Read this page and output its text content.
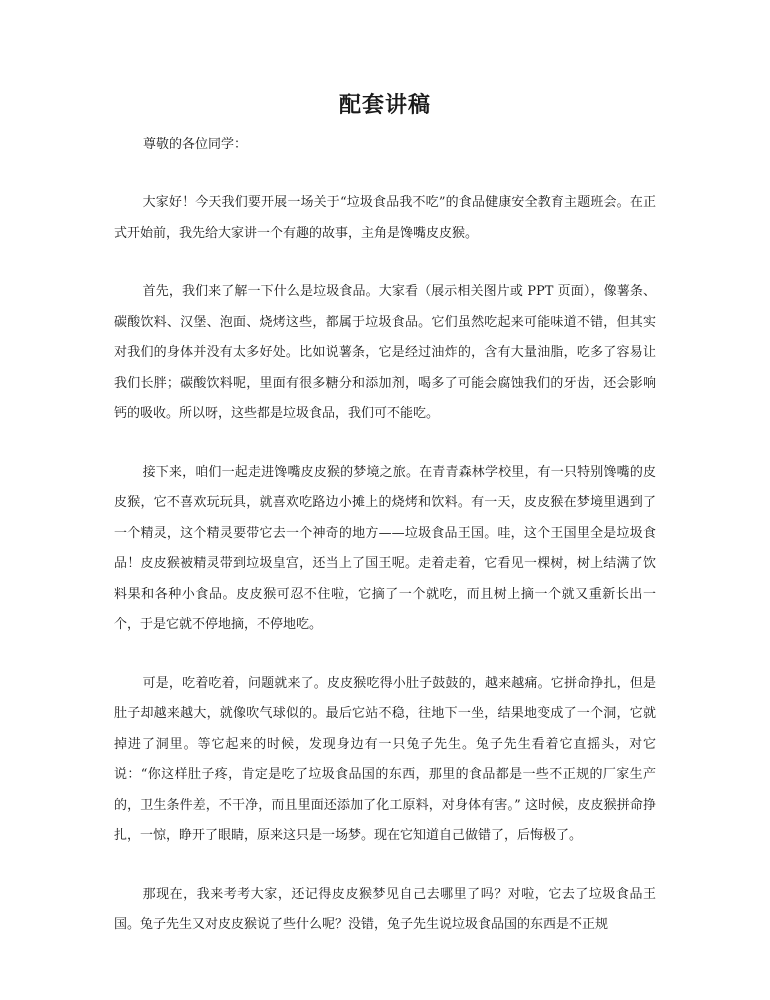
配套讲稿

尊敬的各位同学：

大家好！今天我们要开展一场关于“垃圾食品我不吃”的食品健康安全教育主题班会。在正式开始前，我先给大家讲一个有趣的故事，主角是馋嘴皮皮猴。

首先，我们来了解一下什么是垃圾食品。大家看（展示相关图片或 PPT 页面），像薯条、碳酸饮料、汉堡、泡面、烧烤这些，都属于垃圾食品。它们虽然吃起来可能味道不错，但其实对我们的身体并没有太多好处。比如说薯条，它是经过油炸的，含有大量油脂，吃多了容易让我们长胖；碳酸饮料呢，里面有很多糖分和添加剂，喝多了可能会腐蚀我们的牙齿，还会影响钙的吸收。所以呀，这些都是垃圾食品，我们可不能吃。

接下来，咱们一起走进馋嘴皮皮猴的梦境之旅。在青青森林学校里，有一只特别馋嘴的皮皮猴，它不喜欢玩玩具，就喜欢吃路边小摊上的烧烤和饮料。有一天，皮皮猴在梦境里遇到了一个精灵，这个精灵要带它去一个神奇的地方——垃圾食品王国。哇，这个王国里全是垃圾食品！皮皮猴被精灵带到垃圾皇宫，还当上了国王呢。走着走着，它看见一棵树，树上结满了饮料果和各种小食品。皮皮猴可忍不住啦，它摘了一个就吃，而且树上摘一个就又重新长出一个，于是它就不停地摘，不停地吃。

可是，吃着吃着，问题就来了。皮皮猴吃得小肚子鼓鼓的，越来越痛。它拼命挣扎，但是肚子却越来越大，就像吹气球似的。最后它站不稳，往地下一坐，结果地变成了一个洞，它就掉进了洞里。等它起来的时候，发现身边有一只兔子先生。兔子先生看着它直摇头，对它说：“你这样肚子疼，肯定是吃了垃圾食品国的东西，那里的食品都是一些不正规的厂家生产的，卫生条件差，不干净，而且里面还添加了化工原料，对身体有害。” 这时候，皮皮猴拼命挣扎，一惊，睁开了眼睛，原来这只是一场梦。现在它知道自己做错了，后悔极了。

那现在，我来考考大家，还记得皮皮猴梦见自己去哪里了吗？对啦，它去了垃圾食品王国。兔子先生又对皮皮猴说了些什么呢？没错，兔子先生说垃圾食品国的东西是不正规
